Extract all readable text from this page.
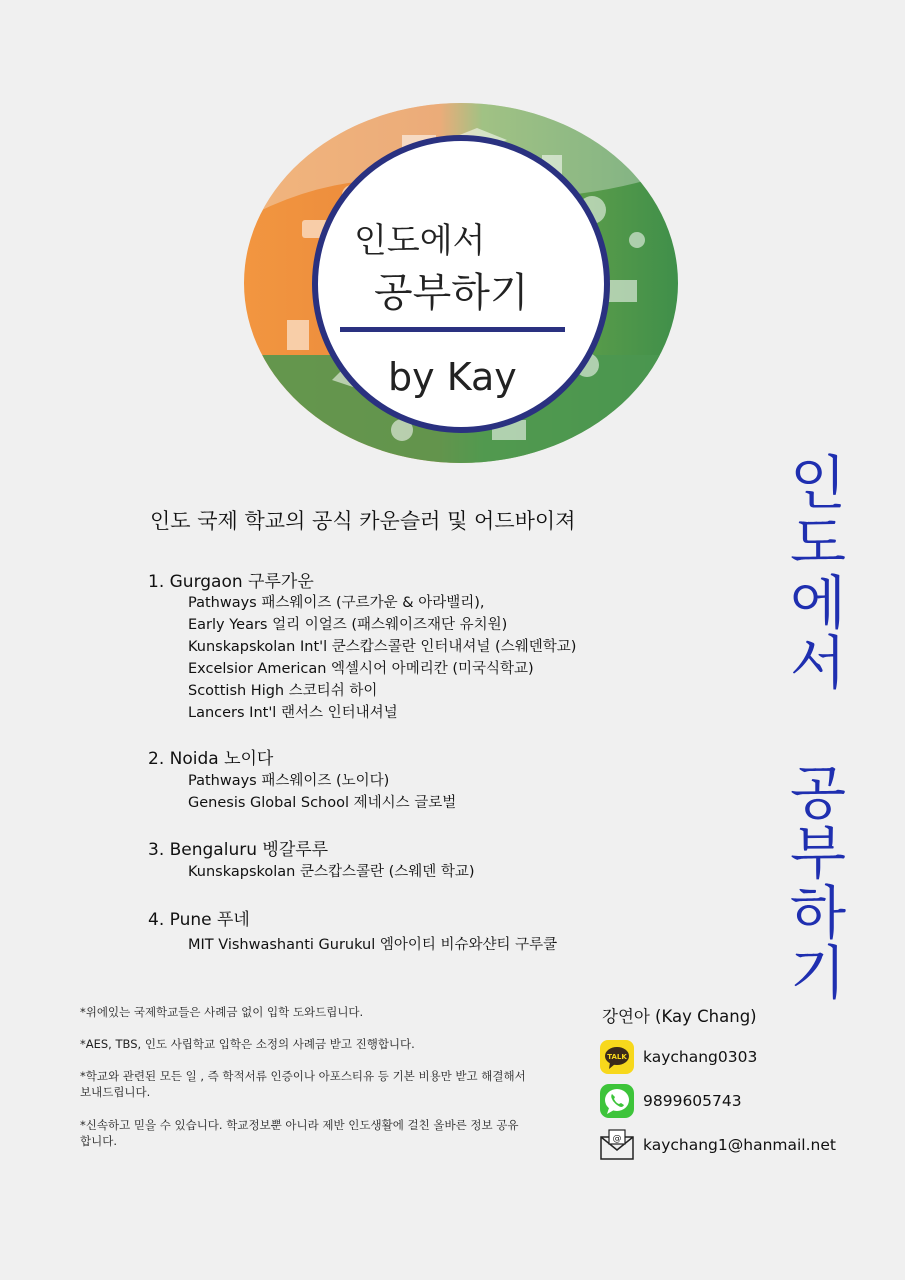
인도에서
공부하기
by Kay
인도에서 공부하기
인도 국제 학교의 공식 카운슬러 및 어드바이져
1. Gurgaon 구루가운
Pathways 패스웨이즈 (구르가운 & 아라밸리),
Early Years 얼리 이얼즈 (패스웨이즈재단 유치원)
Kunskapskolan Int'l 쿤스캅스콜란 인터내셔널 (스웨덴학교)
Excelsior American 엑셀시어 아메리칸 (미국식학교)
Scottish High 스코티쉬 하이
Lancers Int'l 랜서스 인터내셔널
2. Noida 노이다
Pathways 패스웨이즈 (노이다)
Genesis Global School 제네시스 글로벌
3. Bengaluru 벵갈루루
Kunskapskolan 쿤스캅스콜란 (스웨덴 학교)
4. Pune 푸네
MIT Vishwashanti Gurukul 엠아이티 비슈와샨티 구루쿨
*위에있는 국제학교들은 사례금 없이 입학 도와드립니다.
*AES, TBS, 인도 사립학교 입학은 소정의 사례금 받고 진행합니다.
*학교와 관련된 모든 일 , 즉 학적서류 인증이나 아포스티유 등 기본 비용만 받고 해결해서 보내드립니다.
*신속하고 믿을 수 있습니다. 학교정보뿐 아니라 제반 인도생활에 걸친 올바른 정보 공유합니다.
강연아 (Kay Chang)
TALK kaychang0303
9899605743
@ kaychang1@hanmail.net
